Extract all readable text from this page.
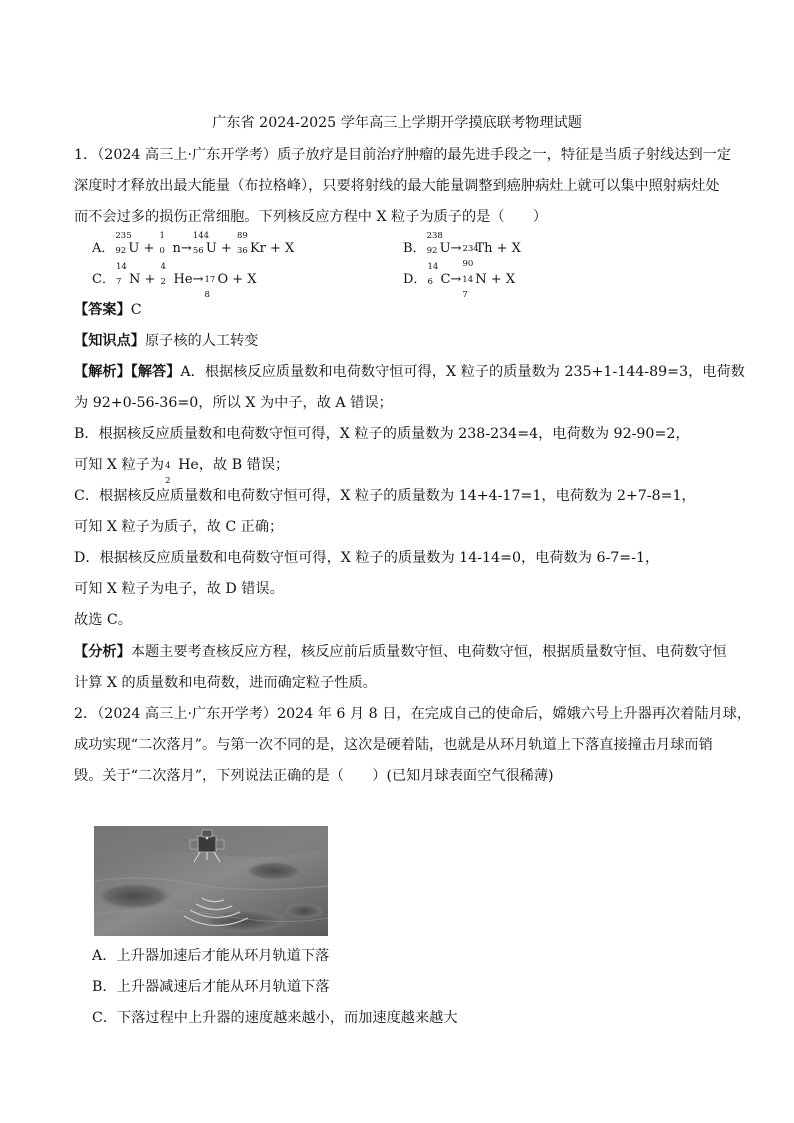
广东省 2024-2025 学年高三上学期开学摸底联考物理试题
1．（2024 高三上·广东开学考）质子放疗是目前治疗肿瘤的最先进手段之一，特征是当质子射线达到一定
深度时才释放出最大能量（布拉格峰），只要将射线的最大能量调整到癌肿病灶上就可以集中照射病灶处
而不会过多的损伤正常细胞。下列核反应方程中 X 粒子为质子的是（　　）
A．
235
92 U +
1
0 n→
144
56 U +
89
36 Kr + X	B．
238
92 U→ 234
90
Th + X
C．
14
7 N +
4
2 He→ 17
8
O + X	D．
14
6 C→ 14
7
N + X
【答案】C
【知识点】原子核的人工转变
【解析】【解答】A．根据核反应质量数和电荷数守恒可得，X 粒子的质量数为 235+1-144-89=3，电荷数
为 92+0-56-36=0，所以 X 为中子，故 A 错误；
B．根据核反应质量数和电荷数守恒可得，X 粒子的质量数为 238-234=4，电荷数为 92-90=2，
可知 X 粒子为 4
2
He，故 B 错误；
C．根据核反应质量数和电荷数守恒可得，X 粒子的质量数为 14+4-17=1，电荷数为 2+7-8=1，
可知 X 粒子为质子，故 C 正确；
D．根据核反应质量数和电荷数守恒可得，X 粒子的质量数为 14-14=0，电荷数为 6-7=-1，
可知 X 粒子为电子，故 D 错误。
故选 C。
【分析】本题主要考查核反应方程，核反应前后质量数守恒、电荷数守恒，根据质量数守恒、电荷数守恒
计算 X 的质量数和电荷数，进而确定粒子性质。
2．（2024 高三上·广东开学考）2024 年 6 月 8 日，在完成自己的使命后，嫦娥六号上升器再次着陆月球，
成功实现“二次落月”。与第一次不同的是，这次是硬着陆，也就是从环月轨道上下落直接撞击月球而销
毁。关于“二次落月”，下列说法正确的是（　　）(已知月球表面空气很稀薄)
A．上升器加速后才能从环月轨道下落
B．上升器减速后才能从环月轨道下落
C．下落过程中上升器的速度越来越小，而加速度越来越大
